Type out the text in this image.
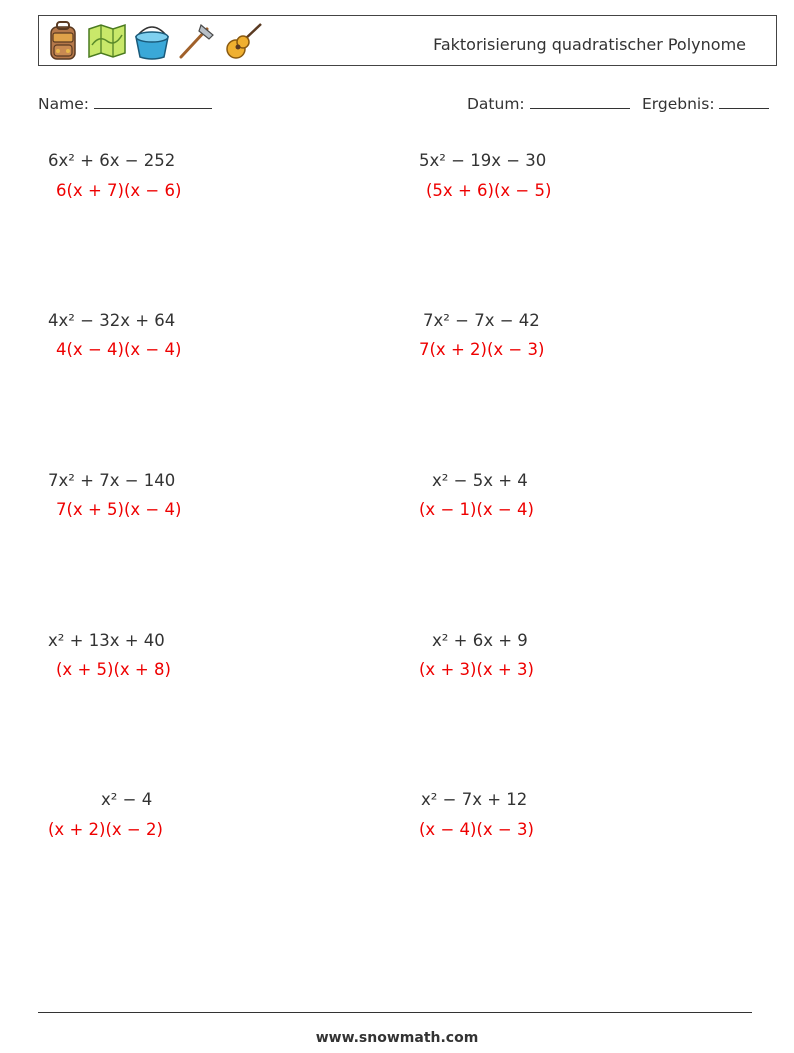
Faktorisierung quadratischer Polynome
Name:	Datum:	Ergebnis:
6x² + 6x − 252
6(x + 7)(x − 6)
5x² − 19x − 30
(5x + 6)(x − 5)
4x² − 32x + 64
4(x − 4)(x − 4)
7x² − 7x − 42
7(x + 2)(x − 3)
7x² + 7x − 140
7(x + 5)(x − 4)
x² − 5x + 4
(x − 1)(x − 4)
x² + 13x + 40
(x + 5)(x + 8)
x² + 6x + 9
(x + 3)(x + 3)
x² − 4
(x + 2)(x − 2)
x² − 7x + 12
(x − 4)(x − 3)
www.snowmath.com
